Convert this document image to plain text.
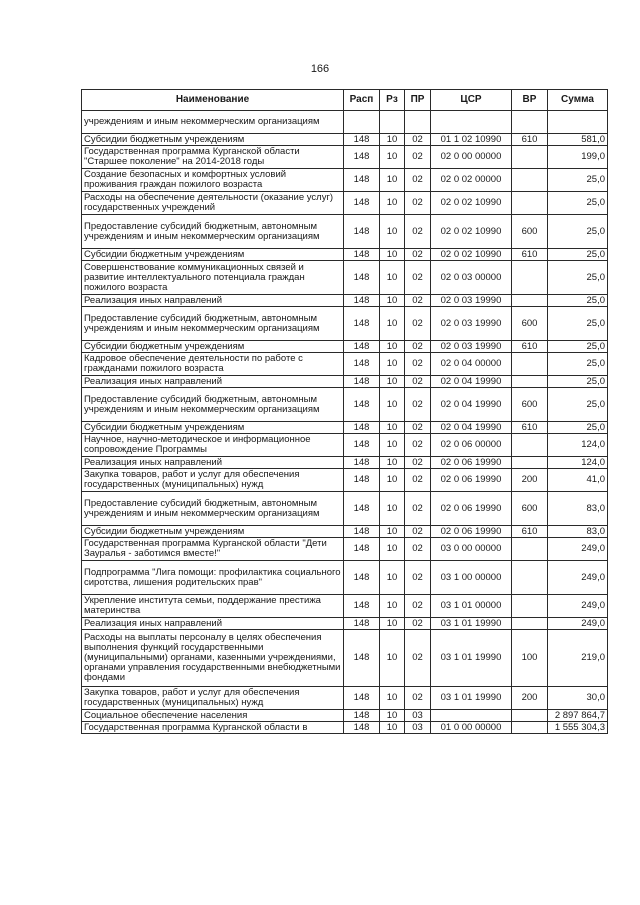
166
Наименование	Расп	Рз	ПР	ЦСР	ВР	Сумма
учреждениям и иным некоммерческим организациям						
Субсидии бюджетным учреждениям	148	10	02	01 1 02 10990	610	581,0
Государственная программа Курганской области "Старшее поколение" на 2014-2018 годы	148	10	02	02 0 00 00000		199,0
Создание безопасных и комфортных условий проживания граждан пожилого возраста	148	10	02	02 0 02 00000		25,0
Расходы на обеспечение деятельности (оказание услуг) государственных учреждений	148	10	02	02 0 02 10990		25,0
Предоставление субсидий бюджетным, автономным учреждениям и иным некоммерческим организациям	148	10	02	02 0 02 10990	600	25,0
Субсидии бюджетным учреждениям	148	10	02	02 0 02 10990	610	25,0
Совершенствование коммуникационных связей и развитие интеллектуального потенциала граждан пожилого возраста	148	10	02	02 0 03 00000		25,0
Реализация иных направлений	148	10	02	02 0 03 19990		25,0
Предоставление субсидий бюджетным, автономным учреждениям и иным некоммерческим организациям	148	10	02	02 0 03 19990	600	25,0
Субсидии бюджетным учреждениям	148	10	02	02 0 03 19990	610	25,0
Кадровое обеспечение деятельности по работе с гражданами пожилого возраста	148	10	02	02 0 04 00000		25,0
Реализация иных направлений	148	10	02	02 0 04 19990		25,0
Предоставление субсидий бюджетным, автономным учреждениям и иным некоммерческим организациям	148	10	02	02 0 04 19990	600	25,0
Субсидии бюджетным учреждениям	148	10	02	02 0 04 19990	610	25,0
Научное, научно-методическое и информационное сопровождение Программы	148	10	02	02 0 06 00000		124,0
Реализация иных направлений	148	10	02	02 0 06 19990		124,0
Закупка товаров, работ и услуг для обеспечения государственных (муниципальных) нужд	148	10	02	02 0 06 19990	200	41,0
Предоставление субсидий бюджетным, автономным учреждениям и иным некоммерческим организациям	148	10	02	02 0 06 19990	600	83,0
Субсидии бюджетным учреждениям	148	10	02	02 0 06 19990	610	83,0
Государственная программа Курганской области "Дети Зауралья - заботимся вместе!"	148	10	02	03 0 00 00000		249,0
Подпрограмма "Лига помощи: профилактика социального сиротства, лишения родительских прав"	148	10	02	03 1 00 00000		249,0
Укрепление института семьи, поддержание престижа материнства	148	10	02	03 1 01 00000		249,0
Реализация иных направлений	148	10	02	03 1 01 19990		249,0
Расходы на выплаты персоналу в целях обеспечения выполнения функций государственными (муниципальными) органами, казенными учреждениями, органами управления государственными внебюджетными фондами	148	10	02	03 1 01 19990	100	219,0
Закупка товаров, работ и услуг для обеспечения государственных (муниципальных) нужд	148	10	02	03 1 01 19990	200	30,0
Социальное обеспечение населения	148	10	03			2 897 864,7
Государственная программа Курганской области в	148	10	03	01 0 00 00000		1 555 304,3
